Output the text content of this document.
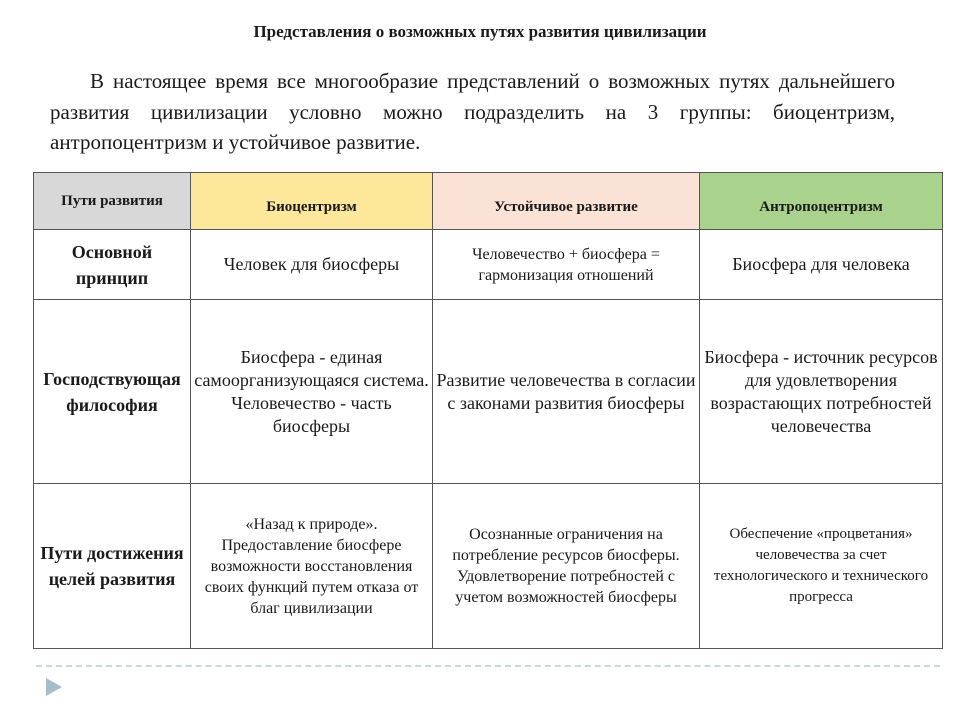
Представления о возможных путях развития цивилизации

В настоящее время все многообразие представлений о возможных путях дальнейшего развития цивилизации условно можно подразделить на 3 группы: биоцентризм, антропоцентризм и устойчивое развитие.

Пути развития	Биоцентризм	Устойчивое развитие	Антропоцентризм
Основной принцип	Человек для биосферы	Человечество + биосфера = гармонизация отношений	Биосфера для человека
Господствующая философия	Биосфера - единая самоорганизующаяся система. Человечество - часть биосферы	Развитие человечества в согласии с законами развития биосферы	Биосфера - источник ресурсов для удовлетворения возрастающих потребностей человечества
Пути достижения целей развития	«Назад к природе». Предоставление биосфере возможности восстановления своих функций путем отказа от благ цивилизации	Осознанные ограничения на потребление ресурсов биосферы. Удовлетворение потребностей с учетом возможностей биосферы	Обеспечение «процветания» человечества за счет технологического и технического прогресса
